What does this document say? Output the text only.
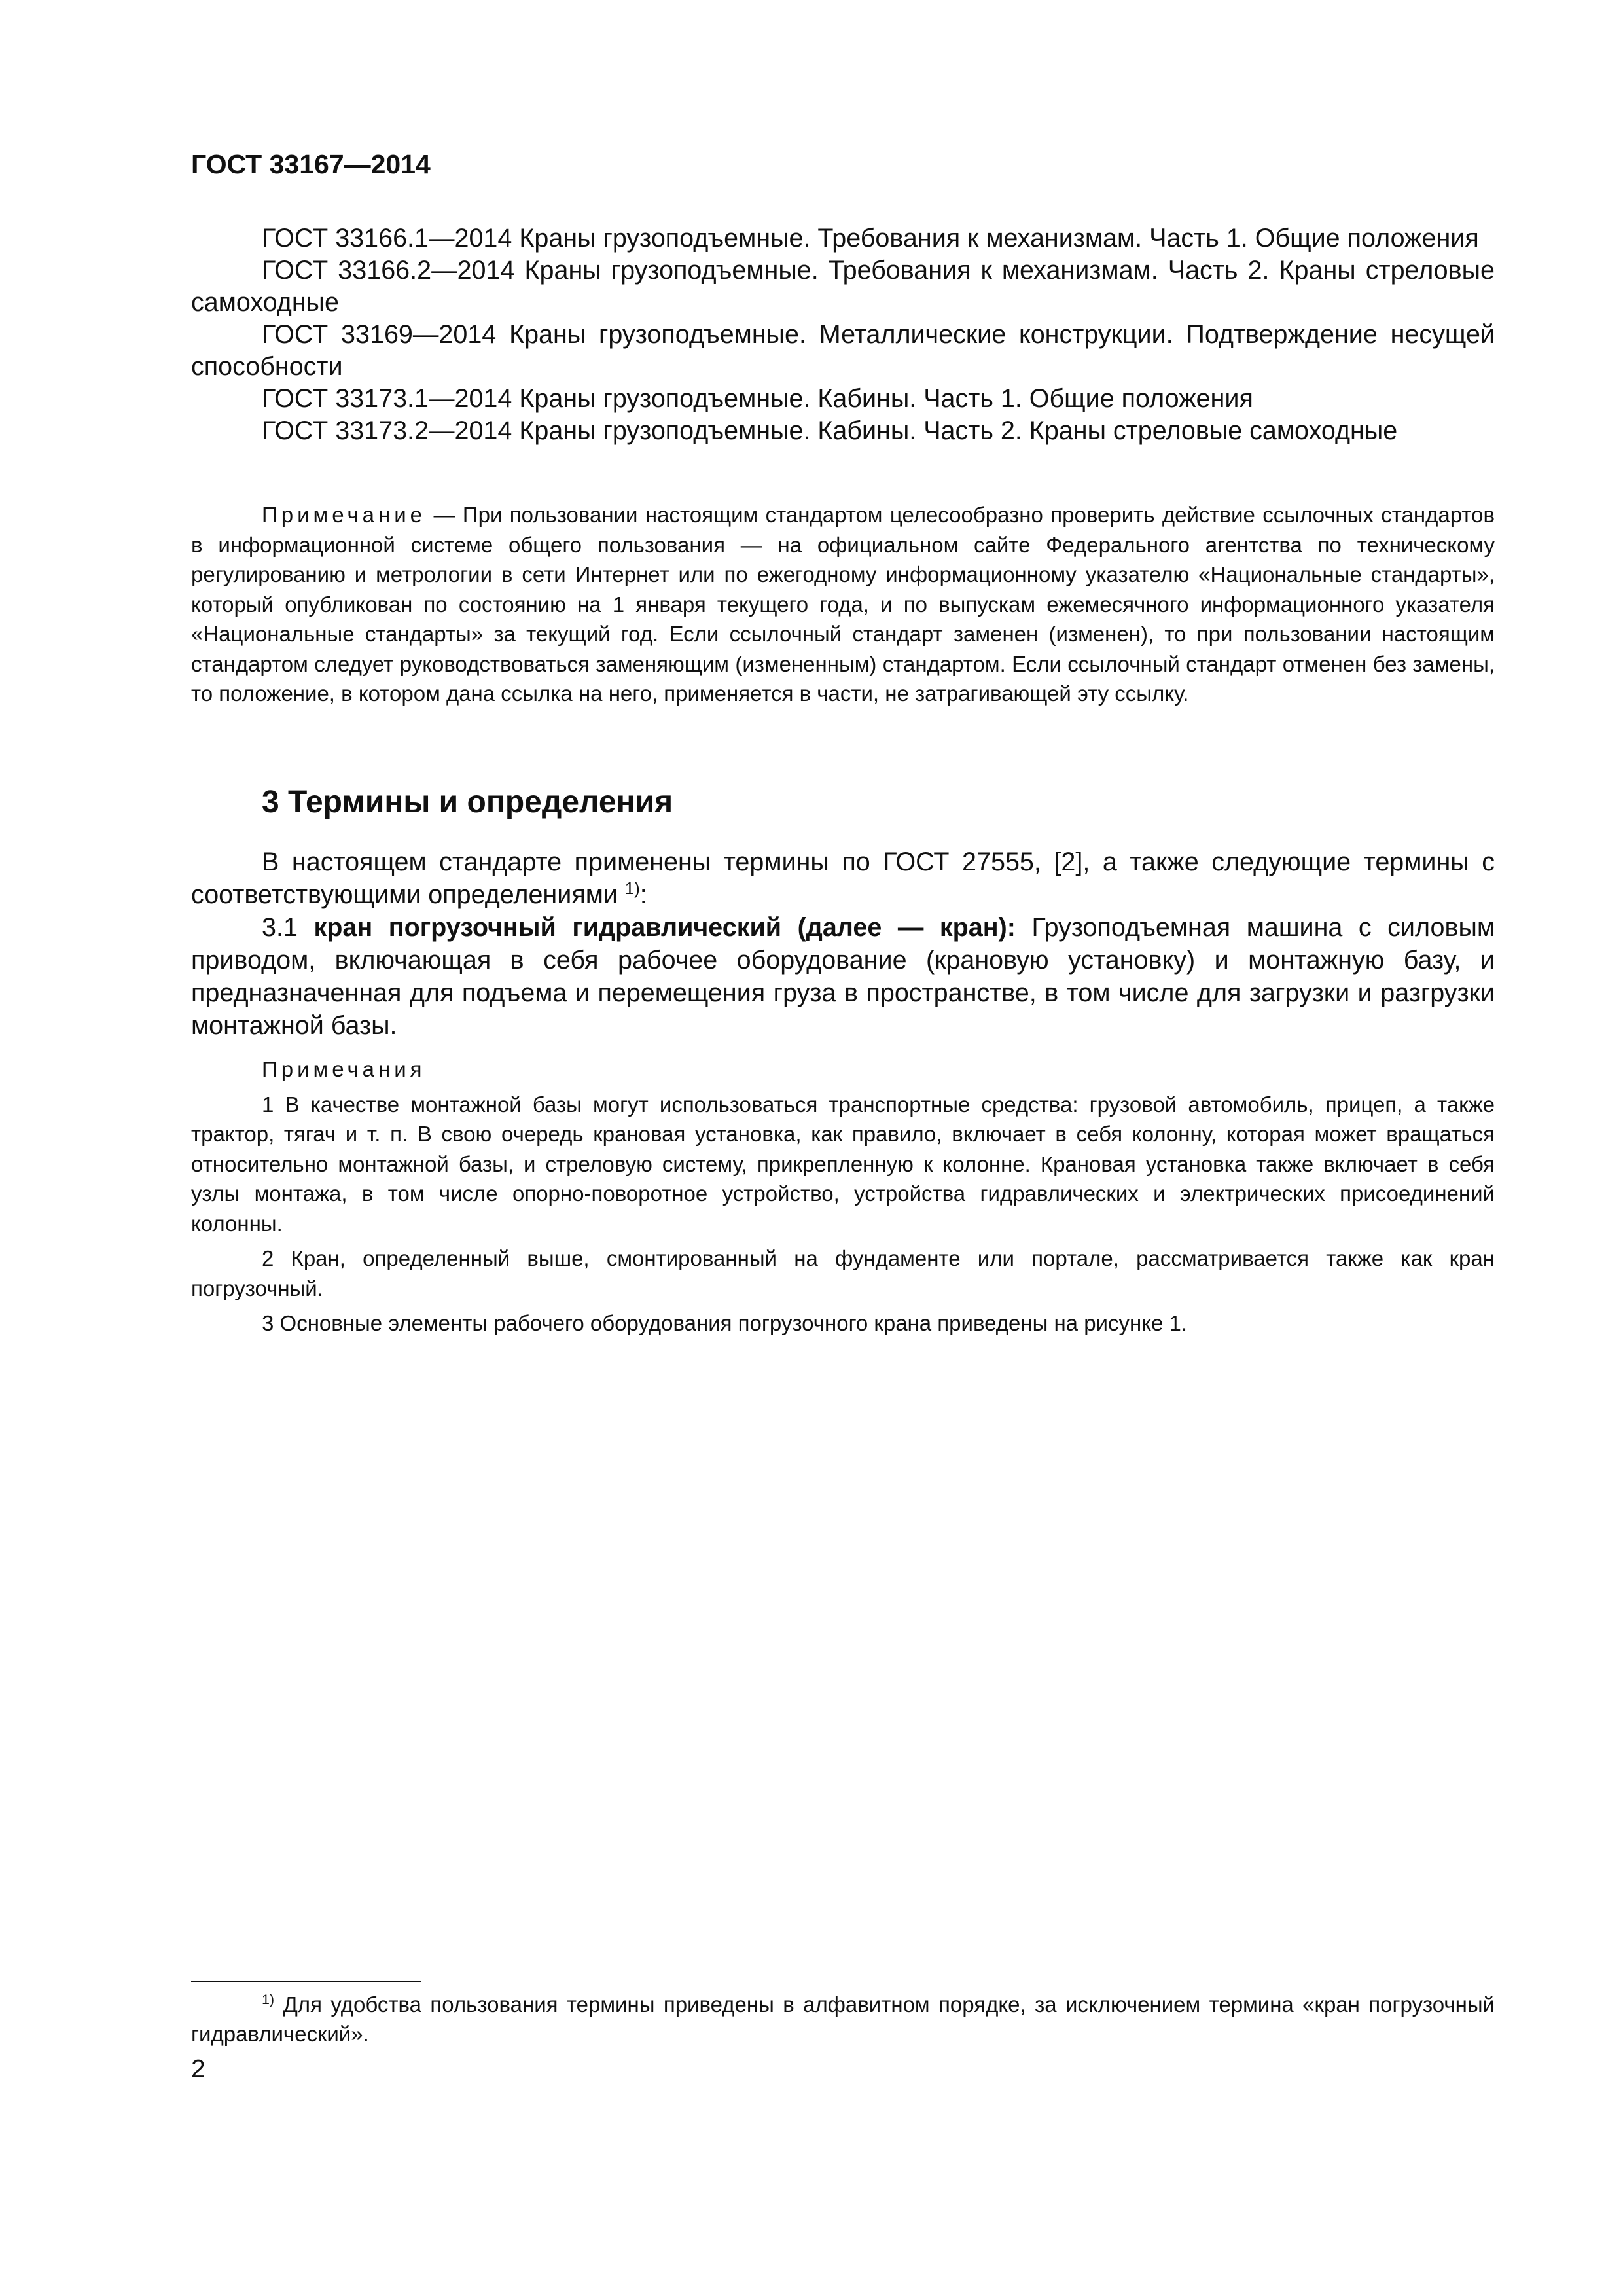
ГОСТ 33167—2014

ГОСТ 33166.1—2014 Краны грузоподъемные. Требования к механизмам. Часть 1. Общие положения

ГОСТ 33166.2—2014 Краны грузоподъемные. Требования к механизмам. Часть 2. Краны стреловые самоходные

ГОСТ 33169—2014 Краны грузоподъемные. Металлические конструкции. Подтверждение несущей способности

ГОСТ 33173.1—2014 Краны грузоподъемные. Кабины. Часть 1. Общие положения

ГОСТ 33173.2—2014 Краны грузоподъемные. Кабины. Часть 2. Краны стреловые самоходные

Примечание — При пользовании настоящим стандартом целесообразно проверить действие ссылочных стандартов в информационной системе общего пользования — на официальном сайте Федерального агентства по техническому регулированию и метрологии в сети Интернет или по ежегодному информационному указателю «Национальные стандарты», который опубликован по состоянию на 1 января текущего года, и по выпускам ежемесячного информационного указателя «Национальные стандарты» за текущий год. Если ссылочный стандарт заменен (изменен), то при пользовании настоящим стандартом следует руководствоваться заменяющим (измененным) стандартом. Если ссылочный стандарт отменен без замены, то положение, в котором дана ссылка на него, применяется в части, не затрагивающей эту ссылку.

3 Термины и определения

В настоящем стандарте применены термины по ГОСТ 27555, [2], а также следующие термины с соответствующими определениями $^{1)}$:

3.1 кран погрузочный гидравлический (далее — кран): Грузоподъемная машина с силовым приводом, включающая в себя рабочее оборудование (крановую установку) и монтажную базу, и предназначенная для подъема и перемещения груза в пространстве, в том числе для загрузки и разгрузки монтажной базы.

Примечания

1 В качестве монтажной базы могут использоваться транспортные средства: грузовой автомобиль, прицеп, а также трактор, тягач и т. п. В свою очередь крановая установка, как правило, включает в себя колонну, которая может вращаться относительно монтажной базы, и стреловую систему, прикрепленную к колонне. Крановая установка также включает в себя узлы монтажа, в том числе опорно-поворотное устройство, устройства гидравлических и электрических присоединений колонны.

2 Кран, определенный выше, смонтированный на фундаменте или портале, рассматривается также как кран погрузочный.

3 Основные элементы рабочего оборудования погрузочного крана приведены на рисунке 1.

$^{1)}$ Для удобства пользования термины приведены в алфавитном порядке, за исключением термина «кран погрузочный гидравлический».

2
